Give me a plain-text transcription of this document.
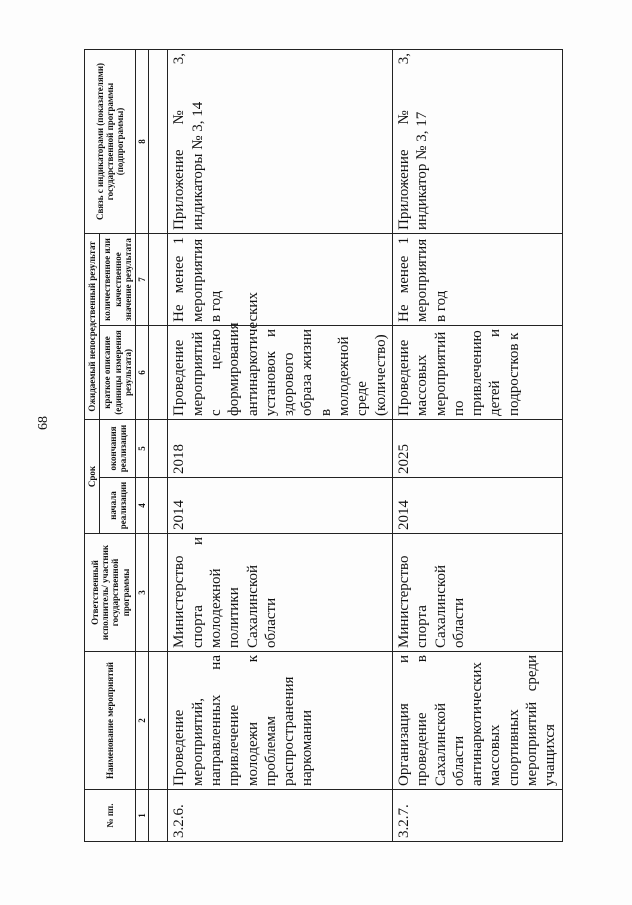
68
№ пп.	Наименование мероприятий	Ответственный исполнитель/ участник государственной программы	Срок		Ожидаемый непосредственный результат		Связь с индикаторами (показателями) государственной программы (подпрограммы)
			начала реализации	окончания реализации	краткое описание (единицы измерения результата)	количественное или качественное значение результата	
1	2	3	4	5	6	7	8

3.2.6.	Проведение мероприятий, направленных на привлечение молодежи к проблемам распространения наркомании	Министерство спорта и молодежной политики Сахалинской области	2014	2018	Проведение мероприятий с целью формирования антинаркотических установок и здорового образа жизни в молодежной среде (количество)	Не менее 1 мероприятия в год	Приложение № 3, индикаторы № 3, 14
3.2.7.	Организация и проведение в Сахалинской области антинаркотических массовых спортивных мероприятий среди учащихся	Министерство спорта Сахалинской области	2014	2025	Проведение массовых мероприятий по привлечению детей и подростков к	Не менее 1 мероприятия в год	Приложение № 3, индикатор № 3, 17
